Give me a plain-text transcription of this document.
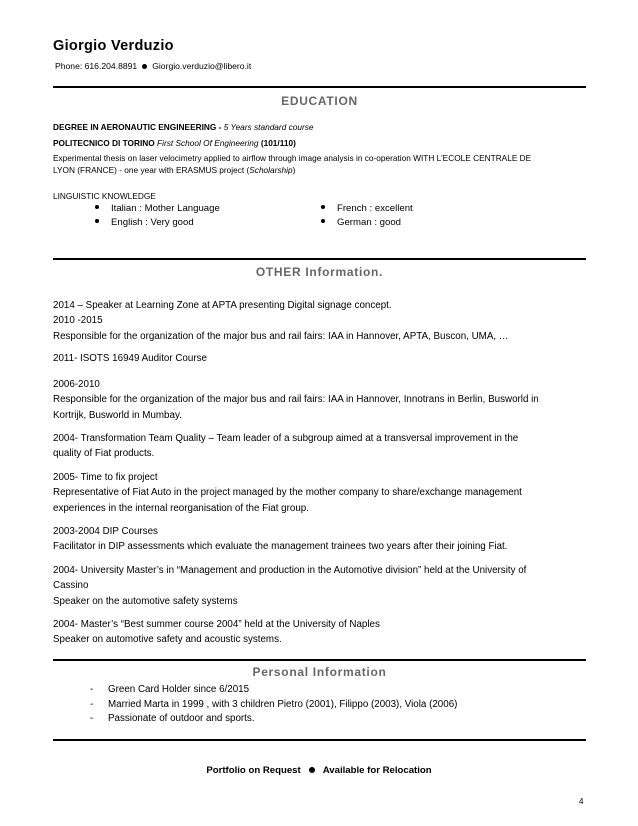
Giorgio Verduzio
Phone: 616.204.8891 Giorgio.verduzio@libero.it
EDUCATION
DEGREE IN AERONAUTIC ENGINEERING - 5 Years standard course
POLITECNICO DI TORINO First School Of Engineering (101/110)
Experimental thesis on laser velocimetry applied to airflow through image analysis in co-operation WITH L’ECOLE CENTRALE DE
LYON (FRANCE) - one year with ERASMUS project (Scholarship)
LINGUISTIC KNOWLEDGE
Italian : Mother Language	French : excellent
English : Very good	German : good
OTHER Information.
2014 – Speaker at Learning Zone at APTA presenting Digital signage concept.
2010 -2015
Responsible for the organization of the major bus and rail fairs: IAA in Hannover, APTA, Buscon, UMA, …
2011- ISOTS 16949 Auditor Course
2006-2010
Responsible for the organization of the major bus and rail fairs: IAA in Hannover, Innotrans in Berlin, Busworld in
Kortrijk, Busworld in Mumbay.
2004- Transformation Team Quality – Team leader of a subgroup aimed at a transversal improvement in the
quality of Fiat products.
2005- Time to fix project
Representative of Fiat Auto in the project managed by the mother company to share/exchange management
experiences in the internal reorganisation of the Fiat group.
2003-2004 DIP Courses
Facilitator in DIP assessments which evaluate the management trainees two years after their joining Fiat.
2004- University Master’s in “Management and production in the Automotive division” held at the University of
Cassino
Speaker on the automotive safety systems
2004- Master’s “Best summer course 2004” held at the University of Naples
Speaker on automotive safety and acoustic systems.
Personal Information
- Green Card Holder since 6/2015
- Married Marta in 1999 , with 3 children Pietro (2001), Filippo (2003), Viola (2006)
- Passionate of outdoor and sports.
Portfolio on Request Available for Relocation
4
